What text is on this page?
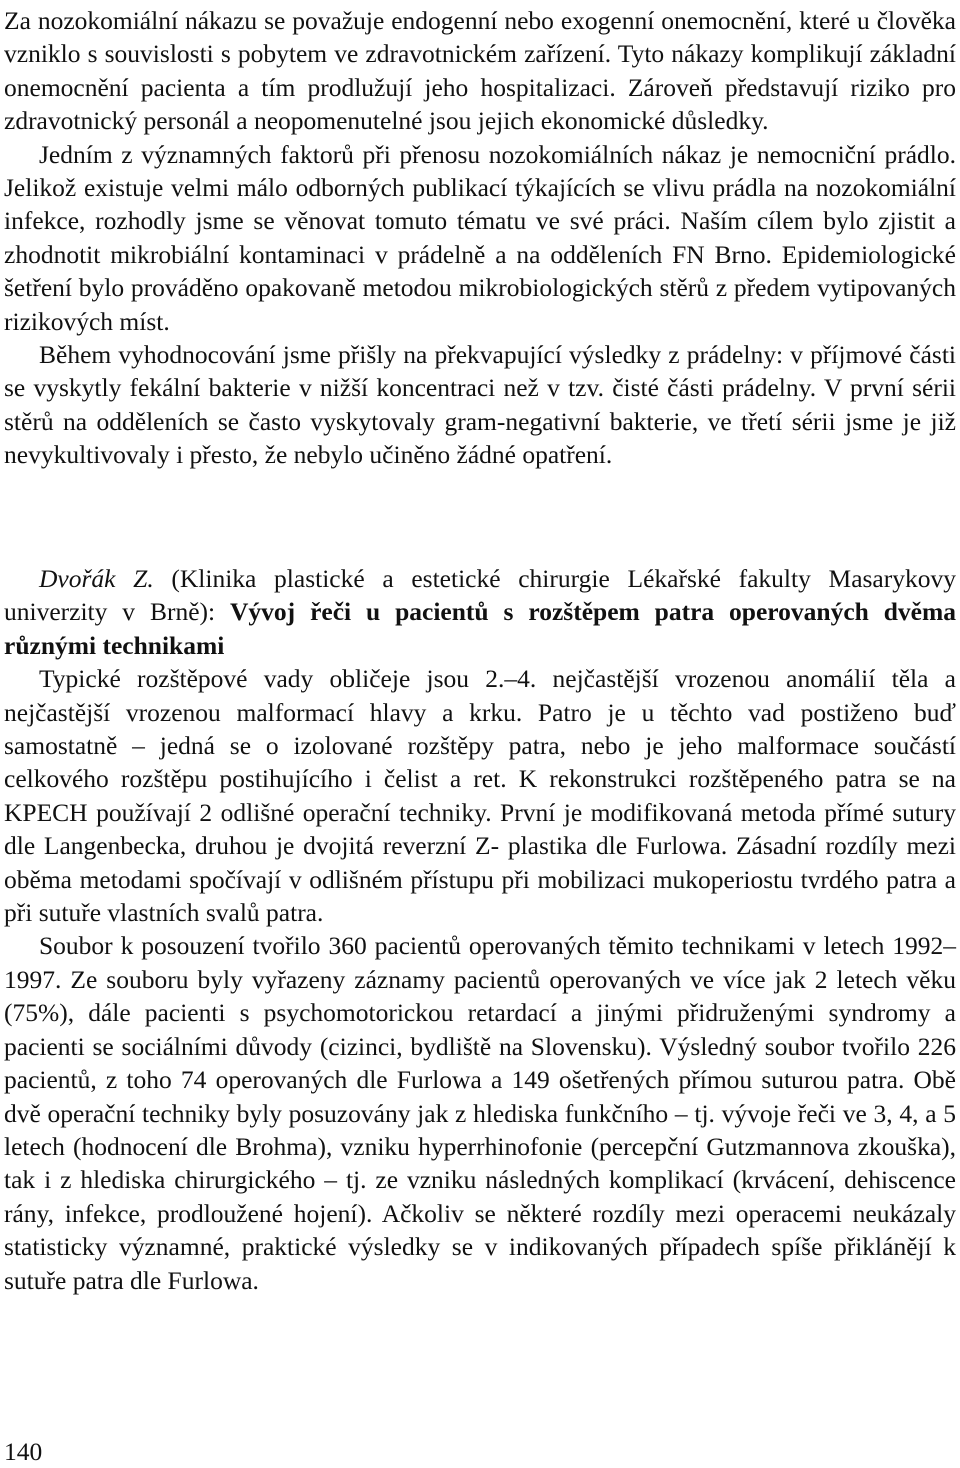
Za nozokomiální nákazu se považuje endogenní nebo exogenní onemocnění, které u člověka vzniklo s souvislosti s pobytem ve zdravotnickém zařízení. Tyto nákazy komplikují základní onemocnění pacienta a tím prodlužují jeho hospitalizaci. Zároveň představují riziko pro zdravotnický personál a neopomenutelné jsou jejich ekonomické důsledky.

Jedním z významných faktorů při přenosu nozokomiálních nákaz je nemocniční prádlo. Jelikož existuje velmi málo odborných publikací týkajících se vlivu prádla na nozokomiální infekce, rozhodly jsme se věnovat tomuto tématu ve své práci. Naším cílem bylo zjistit a zhodnotit mikrobiální kontaminaci v prádelně a na odděleních FN Brno. Epidemiologické šetření bylo prováděno opakovaně metodou mikrobiologických stěrů z předem vytipovaných rizikových míst.

Během vyhodnocování jsme přišly na překvapující výsledky z prádelny: v příjmové části se vyskytly fekální bakterie v nižší koncentraci než v tzv. čisté části prádelny. V první sérii stěrů na odděleních se často vyskytovaly gram-negativní bakterie, ve třetí sérii jsme je již nevykultivovaly i přesto, že nebylo učiněno žádné opatření.

Dvořák Z. (Klinika plastické a estetické chirurgie Lékařské fakulty Masarykovy univerzity v Brně): Vývoj řeči u pacientů s rozštěpem patra operovaných dvěma různými technikami

Typické rozštěpové vady obličeje jsou 2.–4. nejčastější vrozenou anomálií těla a nejčastější vrozenou malformací hlavy a krku. Patro je u těchto vad postiženo buď samostatně – jedná se o izolované rozštěpy patra, nebo je jeho malformace součástí celkového rozštěpu postihujícího i čelist a ret. K rekonstrukci rozštěpeného patra se na KPECH používají 2 odlišné operační techniky. První je modifikovaná metoda přímé sutury dle Langenbecka, druhou je dvojitá reverzní Z- plastika dle Furlowa. Zásadní rozdíly mezi oběma metodami spočívají v odlišném přístupu při mobilizaci mukoperiostu tvrdého patra a při sutuře vlastních svalů patra.

Soubor k posouzení tvořilo 360 pacientů operovaných těmito technikami v letech 1992–1997. Ze souboru byly vyřazeny záznamy pacientů operovaných ve více jak 2 letech věku (75%), dále pacienti s psychomotorickou retardací a jinými přidruženými syndromy a pacienti se sociálními důvody (cizinci, bydliště na Slovensku). Výsledný soubor tvořilo 226 pacientů, z toho 74 operovaných dle Furlowa a 149 ošetřených přímou suturou patra. Obě dvě operační techniky byly posuzovány jak z hlediska funkčního – tj. vývoje řeči ve 3, 4, a 5 letech (hodnocení dle Brohma), vzniku hyperrhinofonie (percepční Gutzmannova zkouška), tak i z hlediska chirurgického – tj. ze vzniku následných komplikací (krvácení, dehiscence rány, infekce, prodloužené hojení). Ačkoliv se některé rozdíly mezi operacemi neukázaly statisticky významné, praktické výsledky se v indikovaných případech spíše přiklánějí k sutuře patra dle Furlowa.

140
